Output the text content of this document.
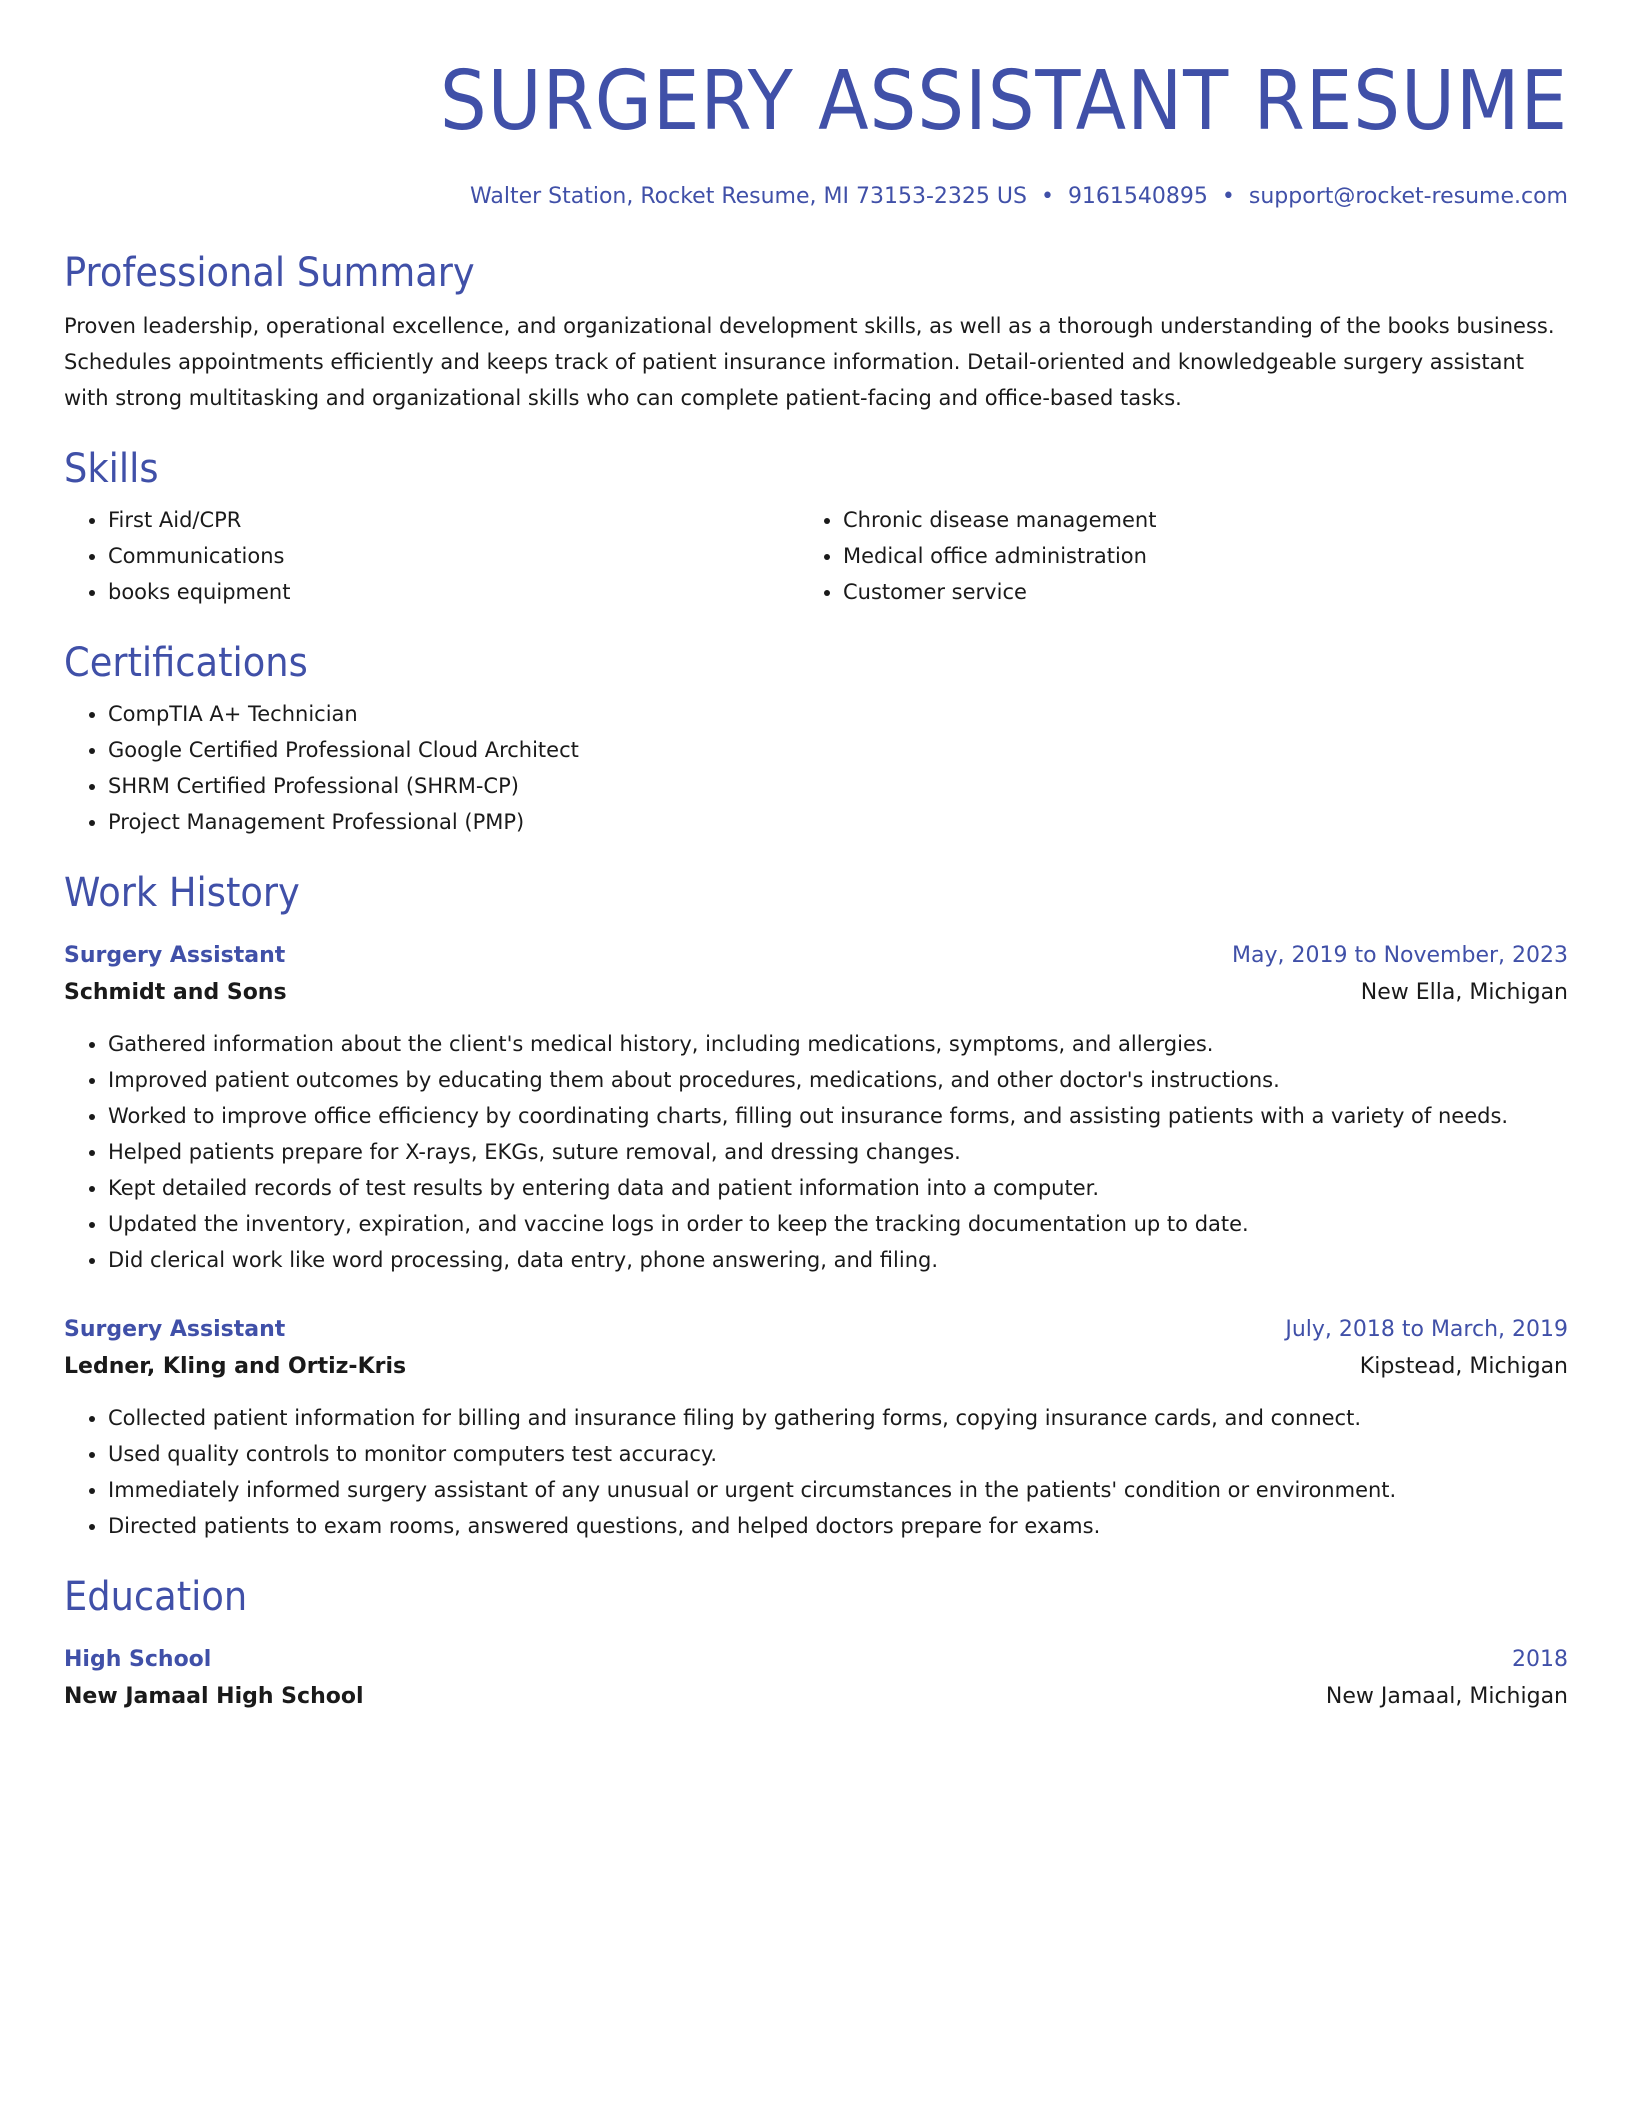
SURGERY ASSISTANT RESUME
Walter Station, Rocket Resume, MI 73153-2325 US • 9161540895 • support@rocket-resume.com
Professional Summary

Proven leadership, operational excellence, and organizational development skills, as well as a thorough understanding of the books business. Schedules appointments efficiently and keeps track of patient insurance information. Detail-oriented and knowledgeable surgery assistant with strong multitasking and organizational skills who can complete patient-facing and office-based tasks.

Skills
• First Aid/CPR
• Communications
• books equipment
• Chronic disease management
• Medical office administration
• Customer service
Certifications
• CompTIA A+ Technician
• Google Certified Professional Cloud Architect
• SHRM Certified Professional (SHRM-CP)
• Project Management Professional (PMP)
Work History
Surgery Assistant	May, 2019 to November, 2023
Schmidt and Sons	New Ella, Michigan
• Gathered information about the client's medical history, including medications, symptoms, and allergies.
• Improved patient outcomes by educating them about procedures, medications, and other doctor's instructions.
• Worked to improve office efficiency by coordinating charts, filling out insurance forms, and assisting patients with a variety of needs.
• Helped patients prepare for X-rays, EKGs, suture removal, and dressing changes.
• Kept detailed records of test results by entering data and patient information into a computer.
• Updated the inventory, expiration, and vaccine logs in order to keep the tracking documentation up to date.
• Did clerical work like word processing, data entry, phone answering, and filing.
Surgery Assistant	July, 2018 to March, 2019
Ledner, Kling and Ortiz-Kris	Kipstead, Michigan
• Collected patient information for billing and insurance filing by gathering forms, copying insurance cards, and connect.
• Used quality controls to monitor computers test accuracy.
• Immediately informed surgery assistant of any unusual or urgent circumstances in the patients' condition or environment.
• Directed patients to exam rooms, answered questions, and helped doctors prepare for exams.
Education
High School	2018
New Jamaal High School	New Jamaal, Michigan
